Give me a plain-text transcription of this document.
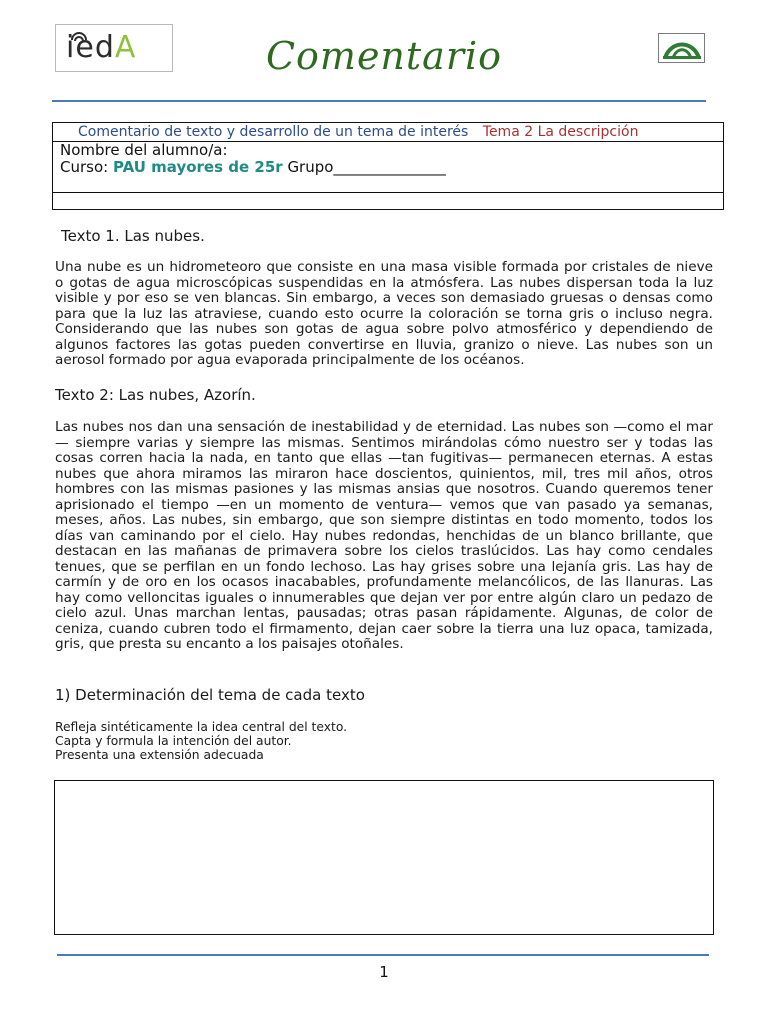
iedA	Comentario
Comentario de texto y desarrollo de un tema de interés Tema 2 La descripción
Nombre del alumno/a:
Curso: PAU mayores de 25r Grupo_______________
Texto 1. Las nubes.
Una nube es un hidrometeoro que consiste en una masa visible formada por cristales de nieve o gotas de agua microscópicas suspendidas en la atmósfera. Las nubes dispersan toda la luz visible y por eso se ven blancas. Sin embargo, a veces son demasiado gruesas o densas como para que la luz las atraviese, cuando esto ocurre la coloración se torna gris o incluso negra. Considerando que las nubes son gotas de agua sobre polvo atmosférico y dependiendo de algunos factores las gotas pueden convertirse en lluvia, granizo o nieve. Las nubes son un aerosol formado por agua evaporada principalmente de los océanos.
Texto 2: Las nubes, Azorín.
Las nubes nos dan una sensación de inestabilidad y de eternidad. Las nubes son —como el mar— siempre varias y siempre las mismas. Sentimos mirándolas cómo nuestro ser y todas las cosas corren hacia la nada, en tanto que ellas —tan fugitivas— permanecen eternas. A estas nubes que ahora miramos las miraron hace doscientos, quinientos, mil, tres mil años, otros hombres con las mismas pasiones y las mismas ansias que nosotros. Cuando queremos tener aprisionado el tiempo —en un momento de ventura— vemos que van pasado ya semanas, meses, años. Las nubes, sin embargo, que son siempre distintas en todo momento, todos los días van caminando por el cielo. Hay nubes redondas, henchidas de un blanco brillante, que destacan en las mañanas de primavera sobre los cielos traslúcidos. Las hay como cendales tenues, que se perfilan en un fondo lechoso. Las hay grises sobre una lejanía gris. Las hay de carmín y de oro en los ocasos inacabables, profundamente melancólicos, de las llanuras. Las hay como velloncitas iguales o innumerables que dejan ver por entre algún claro un pedazo de cielo azul. Unas marchan lentas, pausadas; otras pasan rápidamente. Algunas, de color de ceniza, cuando cubren todo el firmamento, dejan caer sobre la tierra una luz opaca, tamizada, gris, que presta su encanto a los paisajes otoñales.
1) Determinación del tema de cada texto
Refleja sintéticamente la idea central del texto.
Capta y formula la intención del autor.
Presenta una extensión adecuada
1
